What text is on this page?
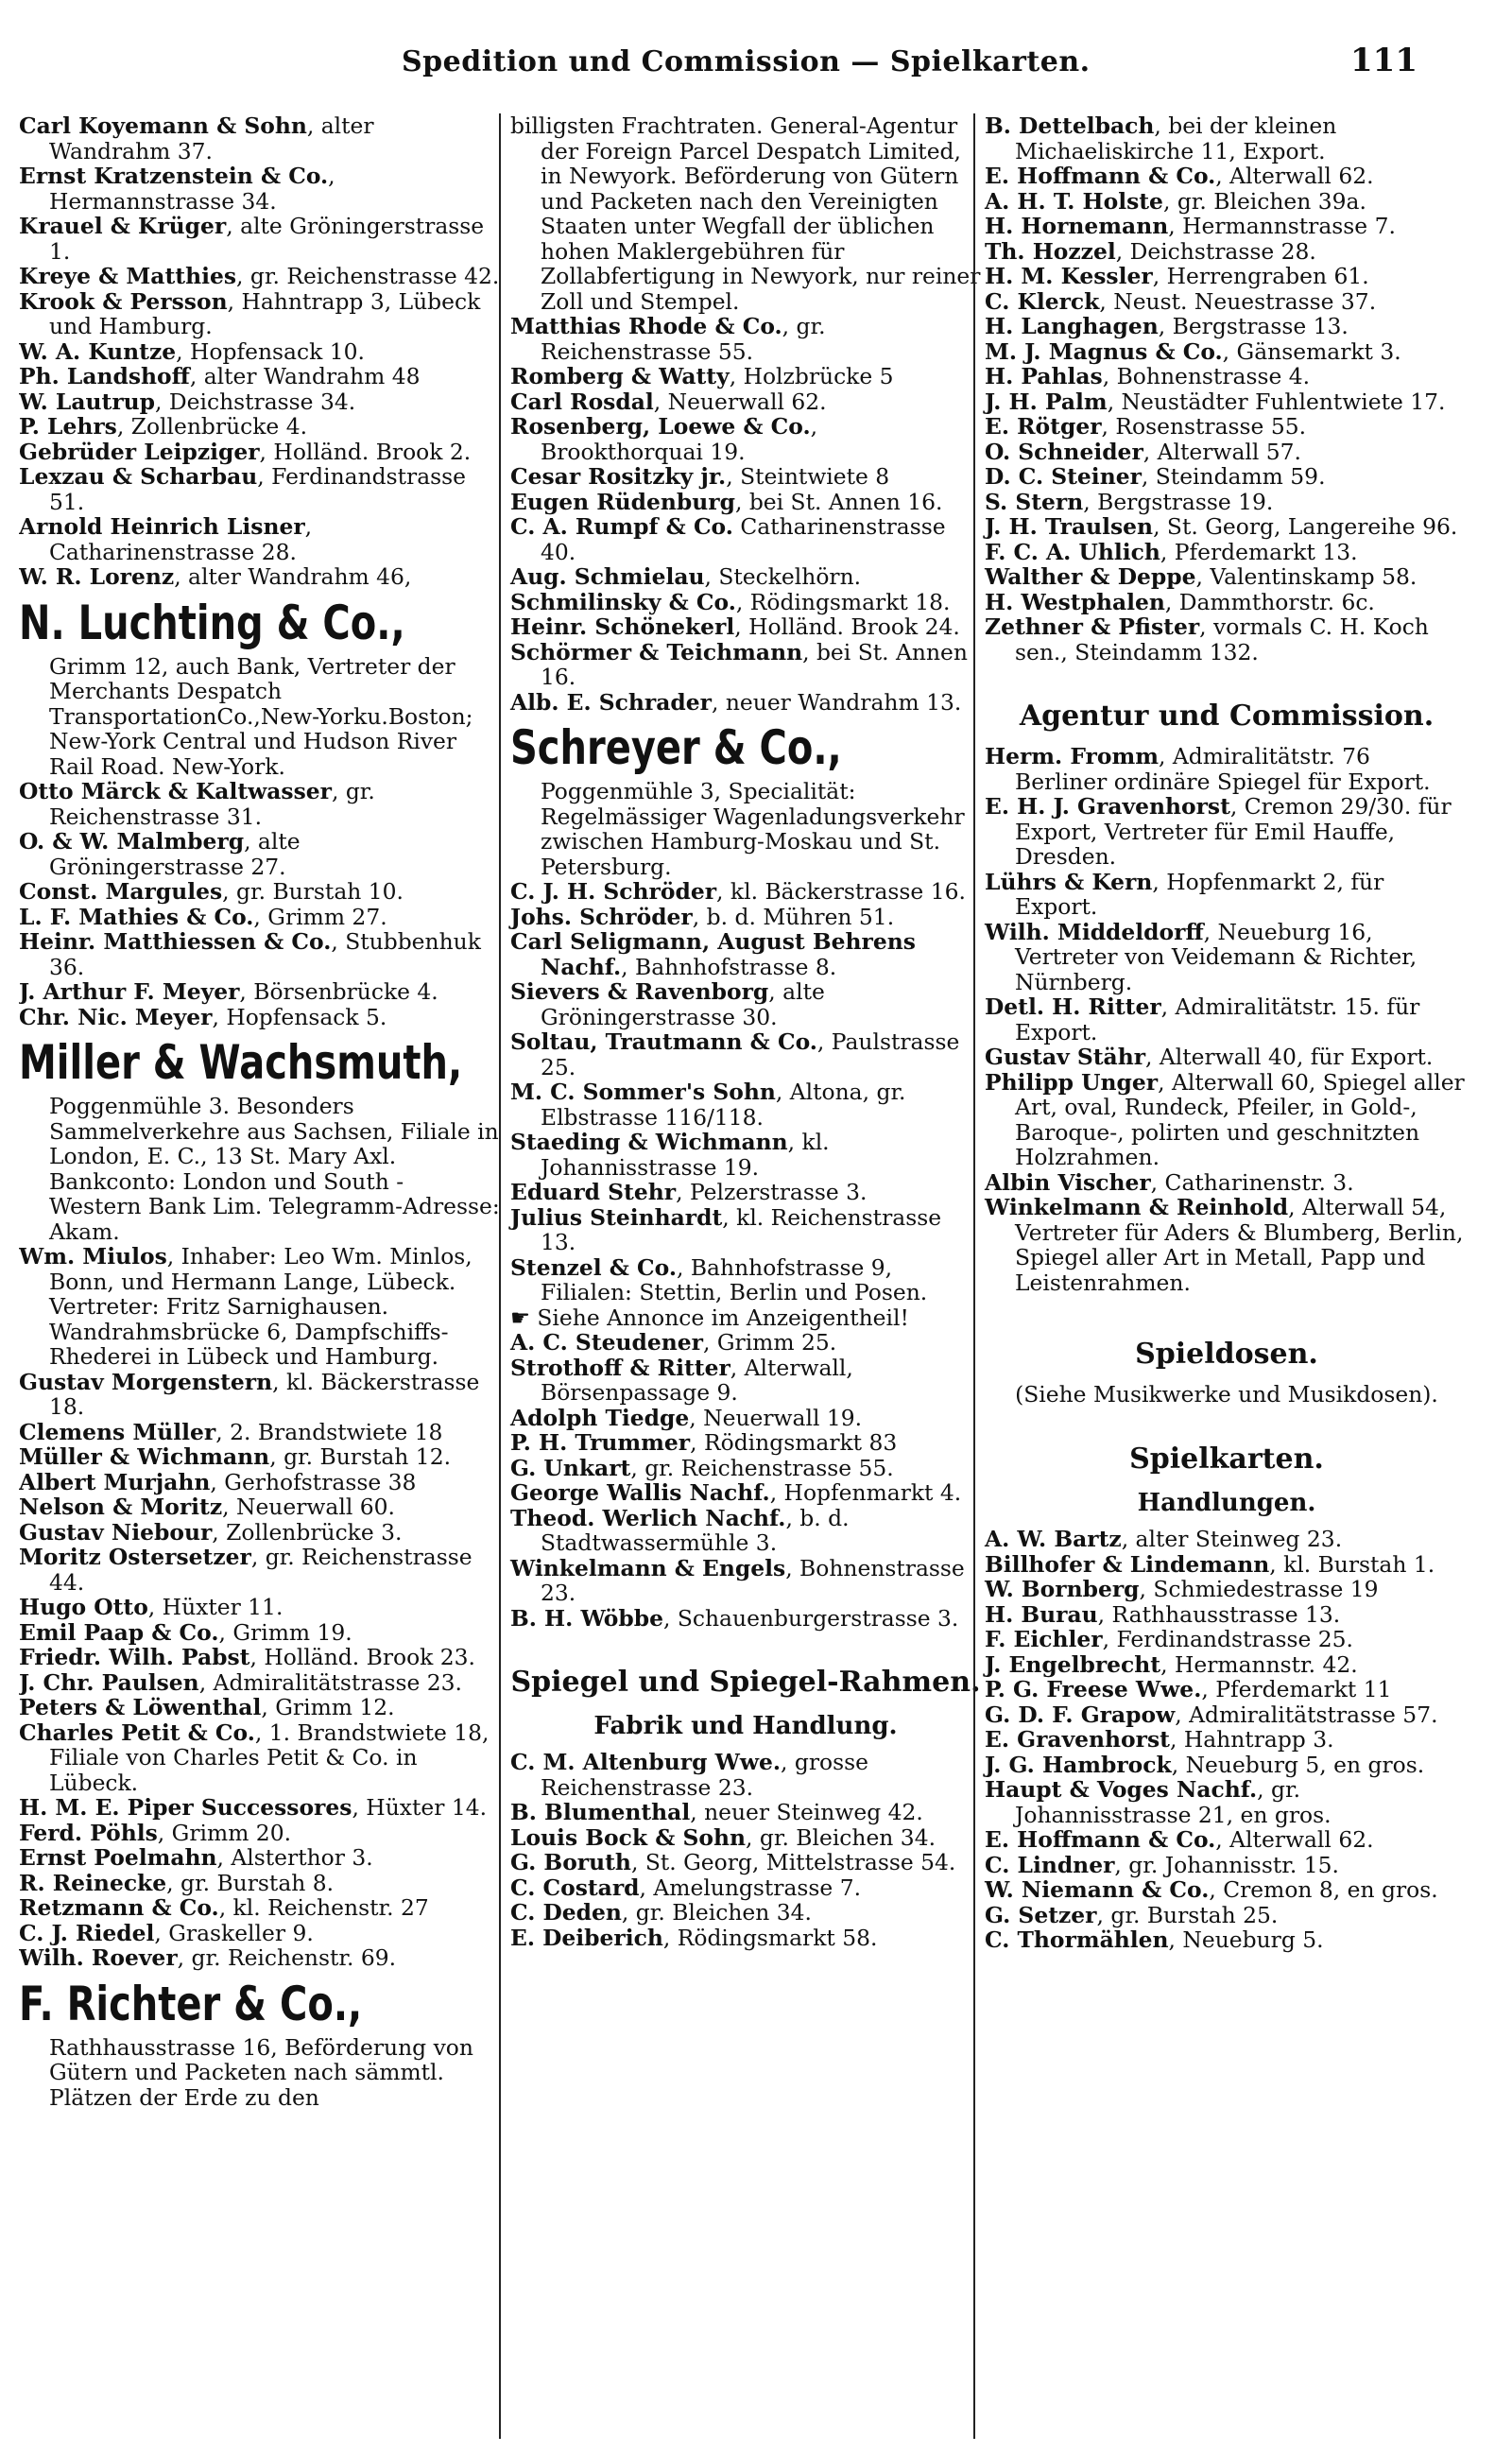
Spedition und Commission — Spielkarten.	111

Carl Koyemann & Sohn, alter Wandrahm 37.

Ernst Kratzenstein & Co., Hermannstrasse 34.

Krauel & Krüger, alte Gröningerstrasse 1.

Kreye & Matthies, gr. Reichenstrasse 42.

Krook & Persson, Hahntrapp 3, Lübeck und Hamburg.

W. A. Kuntze, Hopfensack 10.

Ph. Landshoff, alter Wandrahm 48

W. Lautrup, Deichstrasse 34.

P. Lehrs, Zollenbrücke 4.

Gebrüder Leipziger, Holländ. Brook 2.

Lexzau & Scharbau, Ferdinandstrasse 51.

Arnold Heinrich Lisner, Catharinenstrasse 28.

W. R. Lorenz, alter Wandrahm 46,

N. Luchting & Co.,
Grimm 12, auch Bank, Vertreter der Merchants Despatch TransportationCo.,New-Yorku.Boston; New-York Central und Hudson River Rail Road. New-York.

Otto Märck & Kaltwasser, gr. Reichenstrasse 31.

O. & W. Malmberg, alte Gröningerstrasse 27.

Const. Margules, gr. Burstah 10.

L. F. Mathies & Co., Grimm 27.

Heinr. Matthiessen & Co., Stubbenhuk 36.

J. Arthur F. Meyer, Börsenbrücke 4.

Chr. Nic. Meyer, Hopfensack 5.

Miller & Wachsmuth,
Poggenmühle 3. Besonders Sammelverkehre aus Sachsen, Filiale in London, E. C., 13 St. Mary Axl. Bankconto: London und South - Western Bank Lim. Telegramm-Adresse: Akam.

Wm. Miulos, Inhaber: Leo Wm. Minlos, Bonn, und Hermann Lange, Lübeck. Vertreter: Fritz Sarnighausen. Wandrahmsbrücke 6, Dampfschiffs-Rhederei in Lübeck und Hamburg.

Gustav Morgenstern, kl. Bäckerstrasse 18.

Clemens Müller, 2. Brandstwiete 18

Müller & Wichmann, gr. Burstah 12.

Albert Murjahn, Gerhofstrasse 38

Nelson & Moritz, Neuerwall 60.

Gustav Niebour, Zollenbrücke 3.

Moritz Ostersetzer, gr. Reichenstrasse 44.

Hugo Otto, Hüxter 11.

Emil Paap & Co., Grimm 19.

Friedr. Wilh. Pabst, Holländ. Brook 23.

J. Chr. Paulsen, Admiralitätstrasse 23.

Peters & Löwenthal, Grimm 12.

Charles Petit & Co., 1. Brandstwiete 18, Filiale von Charles Petit & Co. in Lübeck.

H. M. E. Piper Successores, Hüxter 14.

Ferd. Pöhls, Grimm 20.

Ernst Poelmahn, Alsterthor 3.

R. Reinecke, gr. Burstah 8.

Retzmann & Co., kl. Reichenstr. 27

C. J. Riedel, Graskeller 9.

Wilh. Roever, gr. Reichenstr. 69.

F. Richter & Co.,
Rathhausstrasse 16, Beförderung von Gütern und Packeten nach sämmtl. Plätzen der Erde zu den

billigsten Frachtraten. General-Agentur der Foreign Parcel Despatch Limited, in Newyork. Beförderung von Gütern und Packeten nach den Vereinigten Staaten unter Wegfall der üblichen hohen Maklergebühren für Zollabfertigung in Newyork, nur reiner Zoll und Stempel.

Matthias Rhode & Co., gr. Reichenstrasse 55.

Romberg & Watty, Holzbrücke 5

Carl Rosdal, Neuerwall 62.

Rosenberg, Loewe & Co., Brookthorquai 19.

Cesar Rositzky jr., Steintwiete 8

Eugen Rüdenburg, bei St. Annen 16.

C. A. Rumpf & Co. Catharinenstrasse 40.

Aug. Schmielau, Steckelhörn.

Schmilinsky & Co., Rödingsmarkt 18.

Heinr. Schönekerl, Holländ. Brook 24.

Schörmer & Teichmann, bei St. Annen 16.

Alb. E. Schrader, neuer Wandrahm 13.

Schreyer & Co.,
Poggenmühle 3, Specialität: Regelmässiger Wagenladungsverkehr zwischen Hamburg-Moskau und St. Petersburg.

C. J. H. Schröder, kl. Bäckerstrasse 16.

Johs. Schröder, b. d. Mühren 51.

Carl Seligmann, August Behrens Nachf., Bahnhofstrasse 8.

Sievers & Ravenborg, alte Gröningerstrasse 30.

Soltau, Trautmann & Co., Paulstrasse 25.

M. C. Sommer's Sohn, Altona, gr. Elbstrasse 116/118.

Staeding & Wichmann, kl. Johannisstrasse 19.

Eduard Stehr, Pelzerstrasse 3.

Julius Steinhardt, kl. Reichenstrasse 13.

Stenzel & Co., Bahnhofstrasse 9, Filialen: Stettin, Berlin und Posen.

☛ Siehe Annonce im Anzeigentheil!

A. C. Steudener, Grimm 25.

Strothoff & Ritter, Alterwall, Börsenpassage 9.

Adolph Tiedge, Neuerwall 19.

P. H. Trummer, Rödingsmarkt 83

G. Unkart, gr. Reichenstrasse 55.

George Wallis Nachf., Hopfenmarkt 4.

Theod. Werlich Nachf., b. d. Stadtwassermühle 3.

Winkelmann & Engels, Bohnenstrasse 23.

B. H. Wöbbe, Schauenburgerstrasse 3.

Spiegel und Spiegel-Rahmen.
Fabrik und Handlung.

C. M. Altenburg Wwe., grosse Reichenstrasse 23.

B. Blumenthal, neuer Steinweg 42.

Louis Bock & Sohn, gr. Bleichen 34.

G. Boruth, St. Georg, Mittelstrasse 54.

C. Costard, Amelungstrasse 7.

C. Deden, gr. Bleichen 34.

E. Deiberich, Rödingsmarkt 58.

B. Dettelbach, bei der kleinen Michaeliskirche 11, Export.

E. Hoffmann & Co., Alterwall 62.

A. H. T. Holste, gr. Bleichen 39a.

H. Hornemann, Hermannstrasse 7.

Th. Hozzel, Deichstrasse 28.

H. M. Kessler, Herrengraben 61.

C. Klerck, Neust. Neuestrasse 37.

H. Langhagen, Bergstrasse 13.

M. J. Magnus & Co., Gänsemarkt 3.

H. Pahlas, Bohnenstrasse 4.

J. H. Palm, Neustädter Fuhlentwiete 17.

E. Rötger, Rosenstrasse 55.

O. Schneider, Alterwall 57.

D. C. Steiner, Steindamm 59.

S. Stern, Bergstrasse 19.

J. H. Traulsen, St. Georg, Langereihe 96.

F. C. A. Uhlich, Pferdemarkt 13.

Walther & Deppe, Valentinskamp 58.

H. Westphalen, Dammthorstr. 6c.

Zethner & Pfister, vormals C. H. Koch sen., Steindamm 132.

Agentur und Commission.

Herm. Fromm, Admiralitätstr. 76 Berliner ordinäre Spiegel für Export.

E. H. J. Gravenhorst, Cremon 29/30. für Export, Vertreter für Emil Hauffe, Dresden.

Lührs & Kern, Hopfenmarkt 2, für Export.

Wilh. Middeldorff, Neueburg 16, Vertreter von Veidemann & Richter, Nürnberg.

Detl. H. Ritter, Admiralitätstr. 15. für Export.

Gustav Stähr, Alterwall 40, für Export.

Philipp Unger, Alterwall 60, Spiegel aller Art, oval, Rundeck, Pfeiler, in Gold-, Baroque-, polirten und geschnitzten Holzrahmen.

Albin Vischer, Catharinenstr. 3.

Winkelmann & Reinhold, Alterwall 54, Vertreter für Aders & Blumberg, Berlin, Spiegel aller Art in Metall, Papp und Leistenrahmen.

Spieldosen.
(Siehe Musikwerke und Musikdosen).
Spielkarten.
Handlungen.

A. W. Bartz, alter Steinweg 23.

Billhofer & Lindemann, kl. Burstah 1.

W. Bornberg, Schmiedestrasse 19

H. Burau, Rathhausstrasse 13.

F. Eichler, Ferdinandstrasse 25.

J. Engelbrecht, Hermannstr. 42.

P. G. Freese Wwe., Pferdemarkt 11

G. D. F. Grapow, Admiralitätstrasse 57.

E. Gravenhorst, Hahntrapp 3.

J. G. Hambrock, Neueburg 5, en gros.

Haupt & Voges Nachf., gr. Johannisstrasse 21, en gros.

E. Hoffmann & Co., Alterwall 62.

C. Lindner, gr. Johannisstr. 15.

W. Niemann & Co., Cremon 8, en gros.

G. Setzer, gr. Burstah 25.

C. Thormählen, Neueburg 5.
